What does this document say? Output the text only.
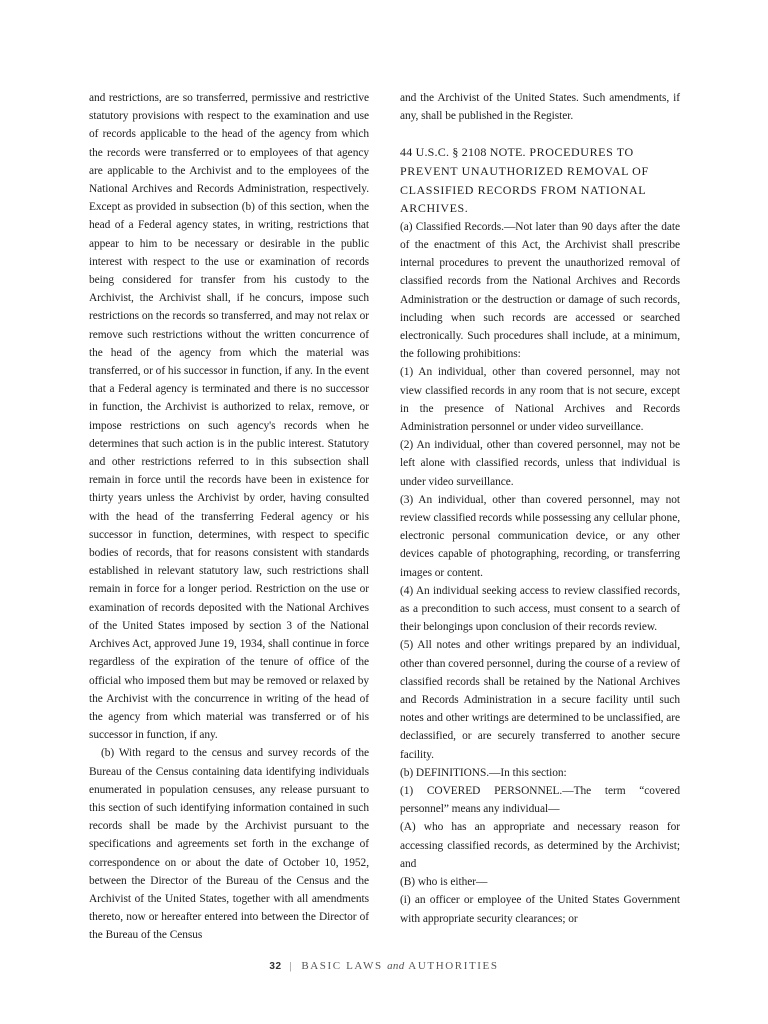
and restrictions, are so transferred, permissive and restrictive statutory provisions with respect to the examination and use of records applicable to the head of the agency from which the records were transferred or to employees of that agency are applicable to the Archivist and to the employees of the National Archives and Records Administration, respectively. Except as provided in subsection (b) of this section, when the head of a Federal agency states, in writing, restrictions that appear to him to be necessary or desirable in the public interest with respect to the use or examination of records being considered for transfer from his custody to the Archivist, the Archivist shall, if he concurs, impose such restrictions on the records so transferred, and may not relax or remove such restrictions without the written concurrence of the head of the agency from which the material was transferred, or of his successor in function, if any. In the event that a Federal agency is terminated and there is no successor in function, the Archivist is authorized to relax, remove, or impose restrictions on such agency's records when he determines that such action is in the public interest. Statutory and other restrictions referred to in this subsection shall remain in force until the records have been in existence for thirty years unless the Archivist by order, having consulted with the head of the transferring Federal agency or his successor in function, determines, with respect to specific bodies of records, that for reasons consistent with standards established in relevant statutory law, such restrictions shall remain in force for a longer period. Restriction on the use or examination of records deposited with the National Archives of the United States imposed by section 3 of the National Archives Act, approved June 19, 1934, shall continue in force regardless of the expiration of the tenure of office of the official who imposed them but may be removed or relaxed by the Archivist with the concurrence in writing of the head of the agency from which material was transferred or of his successor in function, if any.

(b) With regard to the census and survey records of the Bureau of the Census containing data identifying individuals enumerated in population censuses, any release pursuant to this section of such identifying information contained in such records shall be made by the Archivist pursuant to the specifications and agreements set forth in the exchange of correspondence on or about the date of October 10, 1952, between the Director of the Bureau of the Census and the Archivist of the United States, together with all amendments thereto, now or hereafter entered into between the Director of the Bureau of the Census

and the Archivist of the United States. Such amendments, if any, shall be published in the Register.

44 U.S.C. § 2108 NOTE. PROCEDURES TO PREVENT UNAUTHORIZED REMOVAL OF CLASSIFIED RECORDS FROM NATIONAL ARCHIVES.

(a) Classified Records.—Not later than 90 days after the date of the enactment of this Act, the Archivist shall prescribe internal procedures to prevent the unauthorized removal of classified records from the National Archives and Records Administration or the destruction or damage of such records, including when such records are accessed or searched electronically. Such procedures shall include, at a minimum, the following prohibitions:

(1) An individual, other than covered personnel, may not view classified records in any room that is not secure, except in the presence of National Archives and Records Administration personnel or under video surveillance.

(2) An individual, other than covered personnel, may not be left alone with classified records, unless that individual is under video surveillance.

(3) An individual, other than covered personnel, may not review classified records while possessing any cellular phone, electronic personal communication device, or any other devices capable of photographing, recording, or transferring images or content.

(4) An individual seeking access to review classified records, as a precondition to such access, must consent to a search of their belongings upon conclusion of their records review.

(5) All notes and other writings prepared by an individual, other than covered personnel, during the course of a review of classified records shall be retained by the National Archives and Records Administration in a secure facility until such notes and other writings are determined to be unclassified, are declassified, or are securely transferred to another secure facility.

(b) DEFINITIONS.—In this section:

(1) COVERED PERSONNEL.—The term “covered personnel” means any individual—

(A) who has an appropriate and necessary reason for accessing classified records, as determined by the Archivist; and

(B) who is either—

(i) an officer or employee of the United States Government with appropriate security clearances; or

32 | BASIC LAWS and AUTHORITIES
